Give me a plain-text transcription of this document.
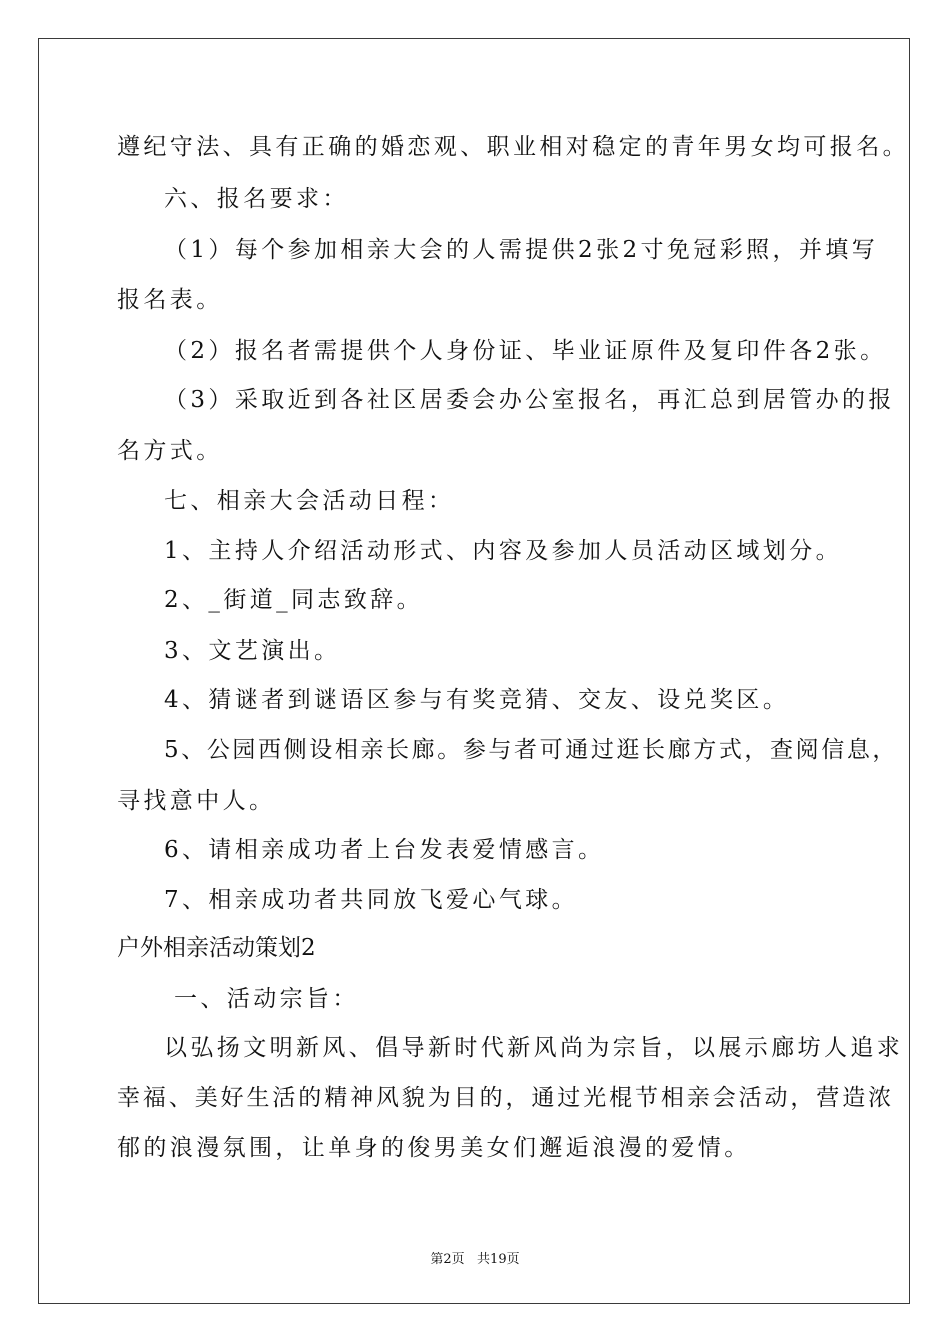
遵纪守法、具有正确的婚恋观、职业相对稳定的青年男女均可报名。
六、报名要求：
（1）每个参加相亲大会的人需提供2张2寸免冠彩照，并填写
报名表。
（2）报名者需提供个人身份证、毕业证原件及复印件各2张。
（3）采取近到各社区居委会办公室报名，再汇总到居管办的报
名方式。
七、相亲大会活动日程：
1、主持人介绍活动形式、内容及参加人员活动区域划分。
2、_街道_同志致辞。
3、文艺演出。
4、猜谜者到谜语区参与有奖竞猜、交友、设兑奖区。
5、公园西侧设相亲长廊。参与者可通过逛长廊方式，查阅信息，
寻找意中人。
6、请相亲成功者上台发表爱情感言。
7、相亲成功者共同放飞爱心气球。
户外相亲活动策划2
一、活动宗旨：
以弘扬文明新风、倡导新时代新风尚为宗旨，以展示廊坊人追求
幸福、美好生活的精神风貌为目的，通过光棍节相亲会活动，营造浓
郁的浪漫氛围，让单身的俊男美女们邂逅浪漫的爱情。
第2页   共19页
